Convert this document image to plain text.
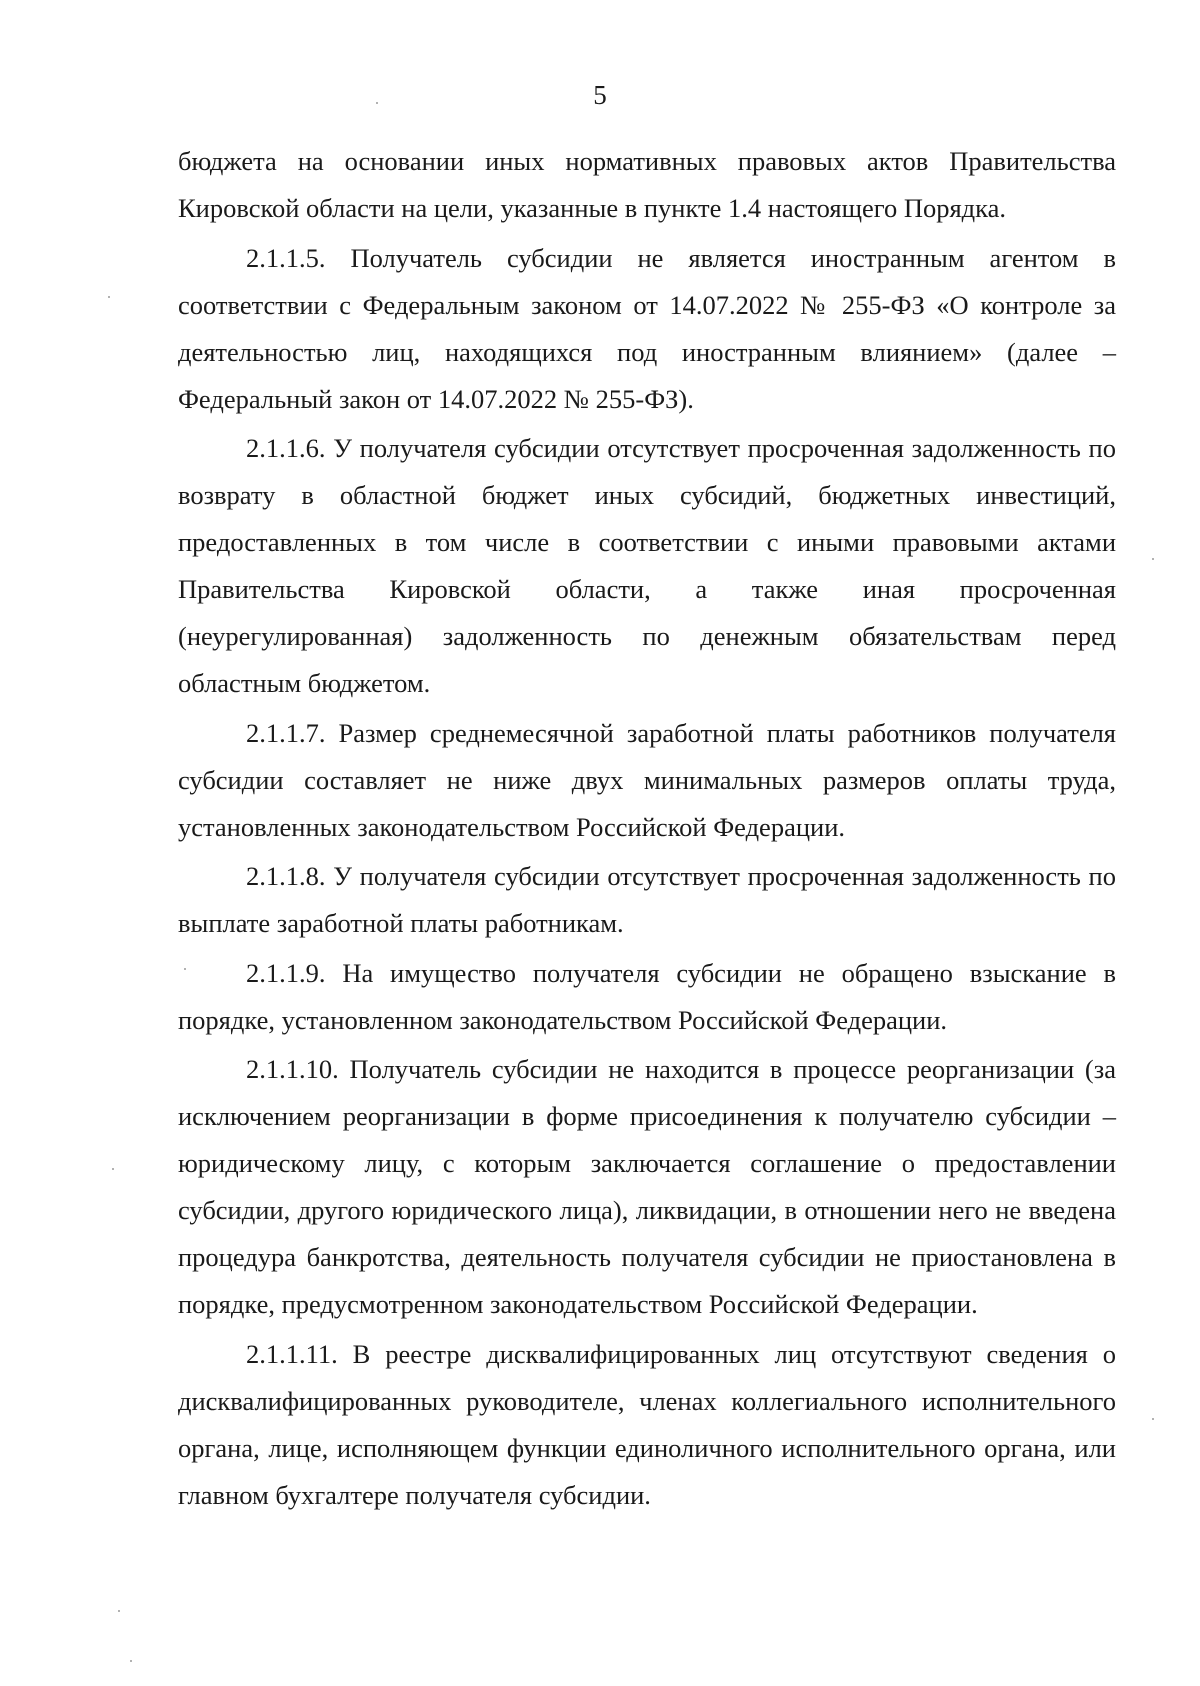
5

бюджета на основании иных нормативных правовых актов Правительства Кировской области на цели, указанные в пункте 1.4 настоящего Порядка.

2.1.1.5. Получатель субсидии не является иностранным агентом в соответствии с Федеральным законом от 14.07.2022 № 255-ФЗ «О контроле за деятельностью лиц, находящихся под иностранным влиянием» (далее – Федеральный закон от 14.07.2022 № 255-ФЗ).

2.1.1.6. У получателя субсидии отсутствует просроченная задолженность по возврату в областной бюджет иных субсидий, бюджетных инвестиций, предоставленных в том числе в соответствии с иными правовыми актами Правительства Кировской области, а также иная просроченная (неурегулированная) задолженность по денежным обязательствам перед областным бюджетом.

2.1.1.7. Размер среднемесячной заработной платы работников получателя субсидии составляет не ниже двух минимальных размеров оплаты труда, установленных законодательством Российской Федерации.

2.1.1.8. У получателя субсидии отсутствует просроченная задолженность по выплате заработной платы работникам.

2.1.1.9. На имущество получателя субсидии не обращено взыскание в порядке, установленном законодательством Российской Федерации.

2.1.1.10. Получатель субсидии не находится в процессе реорганизации (за исключением реорганизации в форме присоединения к получателю субсидии – юридическому лицу, с которым заключается соглашение о предоставлении субсидии, другого юридического лица), ликвидации, в отношении него не введена процедура банкротства, деятельность получателя субсидии не приостановлена в порядке, предусмотренном законодательством Российской Федерации.

2.1.1.11. В реестре дисквалифицированных лиц отсутствуют сведения о дисквалифицированных руководителе, членах коллегиального исполнительного органа, лице, исполняющем функции единоличного исполнительного органа, или главном бухгалтере получателя субсидии.
